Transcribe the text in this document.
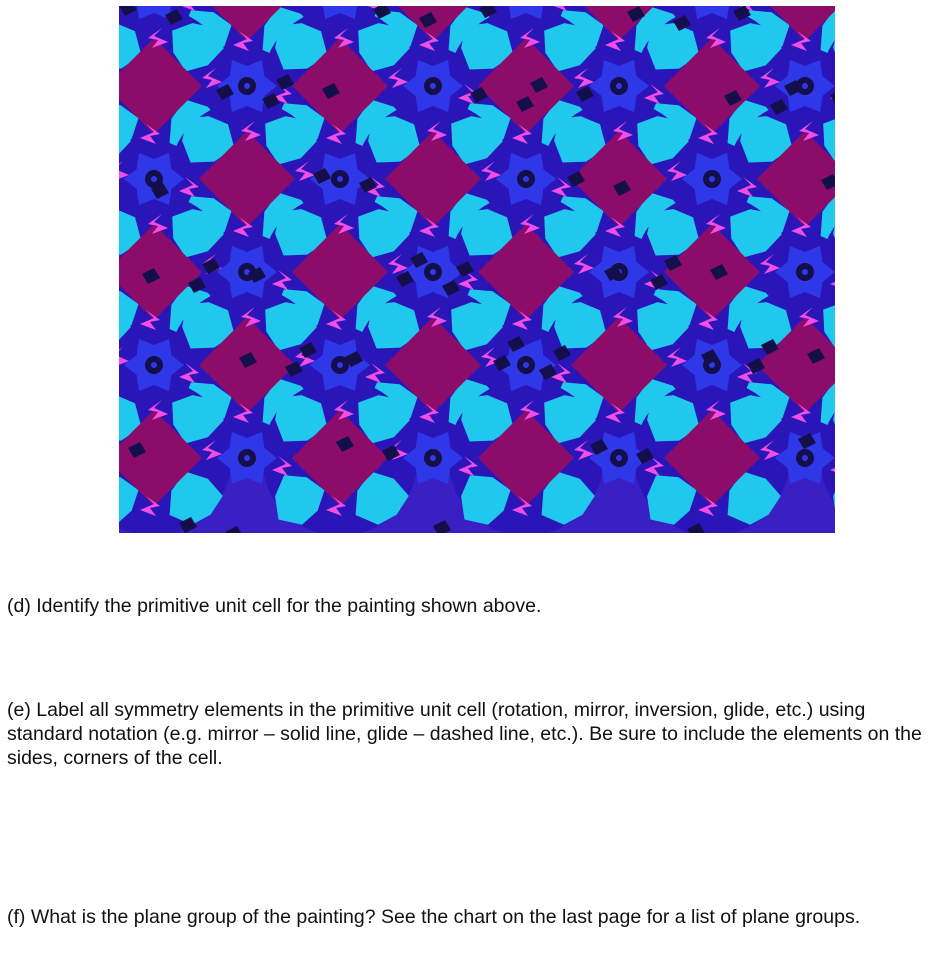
(d) Identify the primitive unit cell for the painting shown above.

(e) Label all symmetry elements in the primitive unit cell (rotation, mirror, inversion, glide, etc.) using standard notation (e.g. mirror – solid line, glide – dashed line, etc.). Be sure to include the elements on the sides, corners of the cell.

(f) What is the plane group of the painting? See the chart on the last page for a list of plane groups.
